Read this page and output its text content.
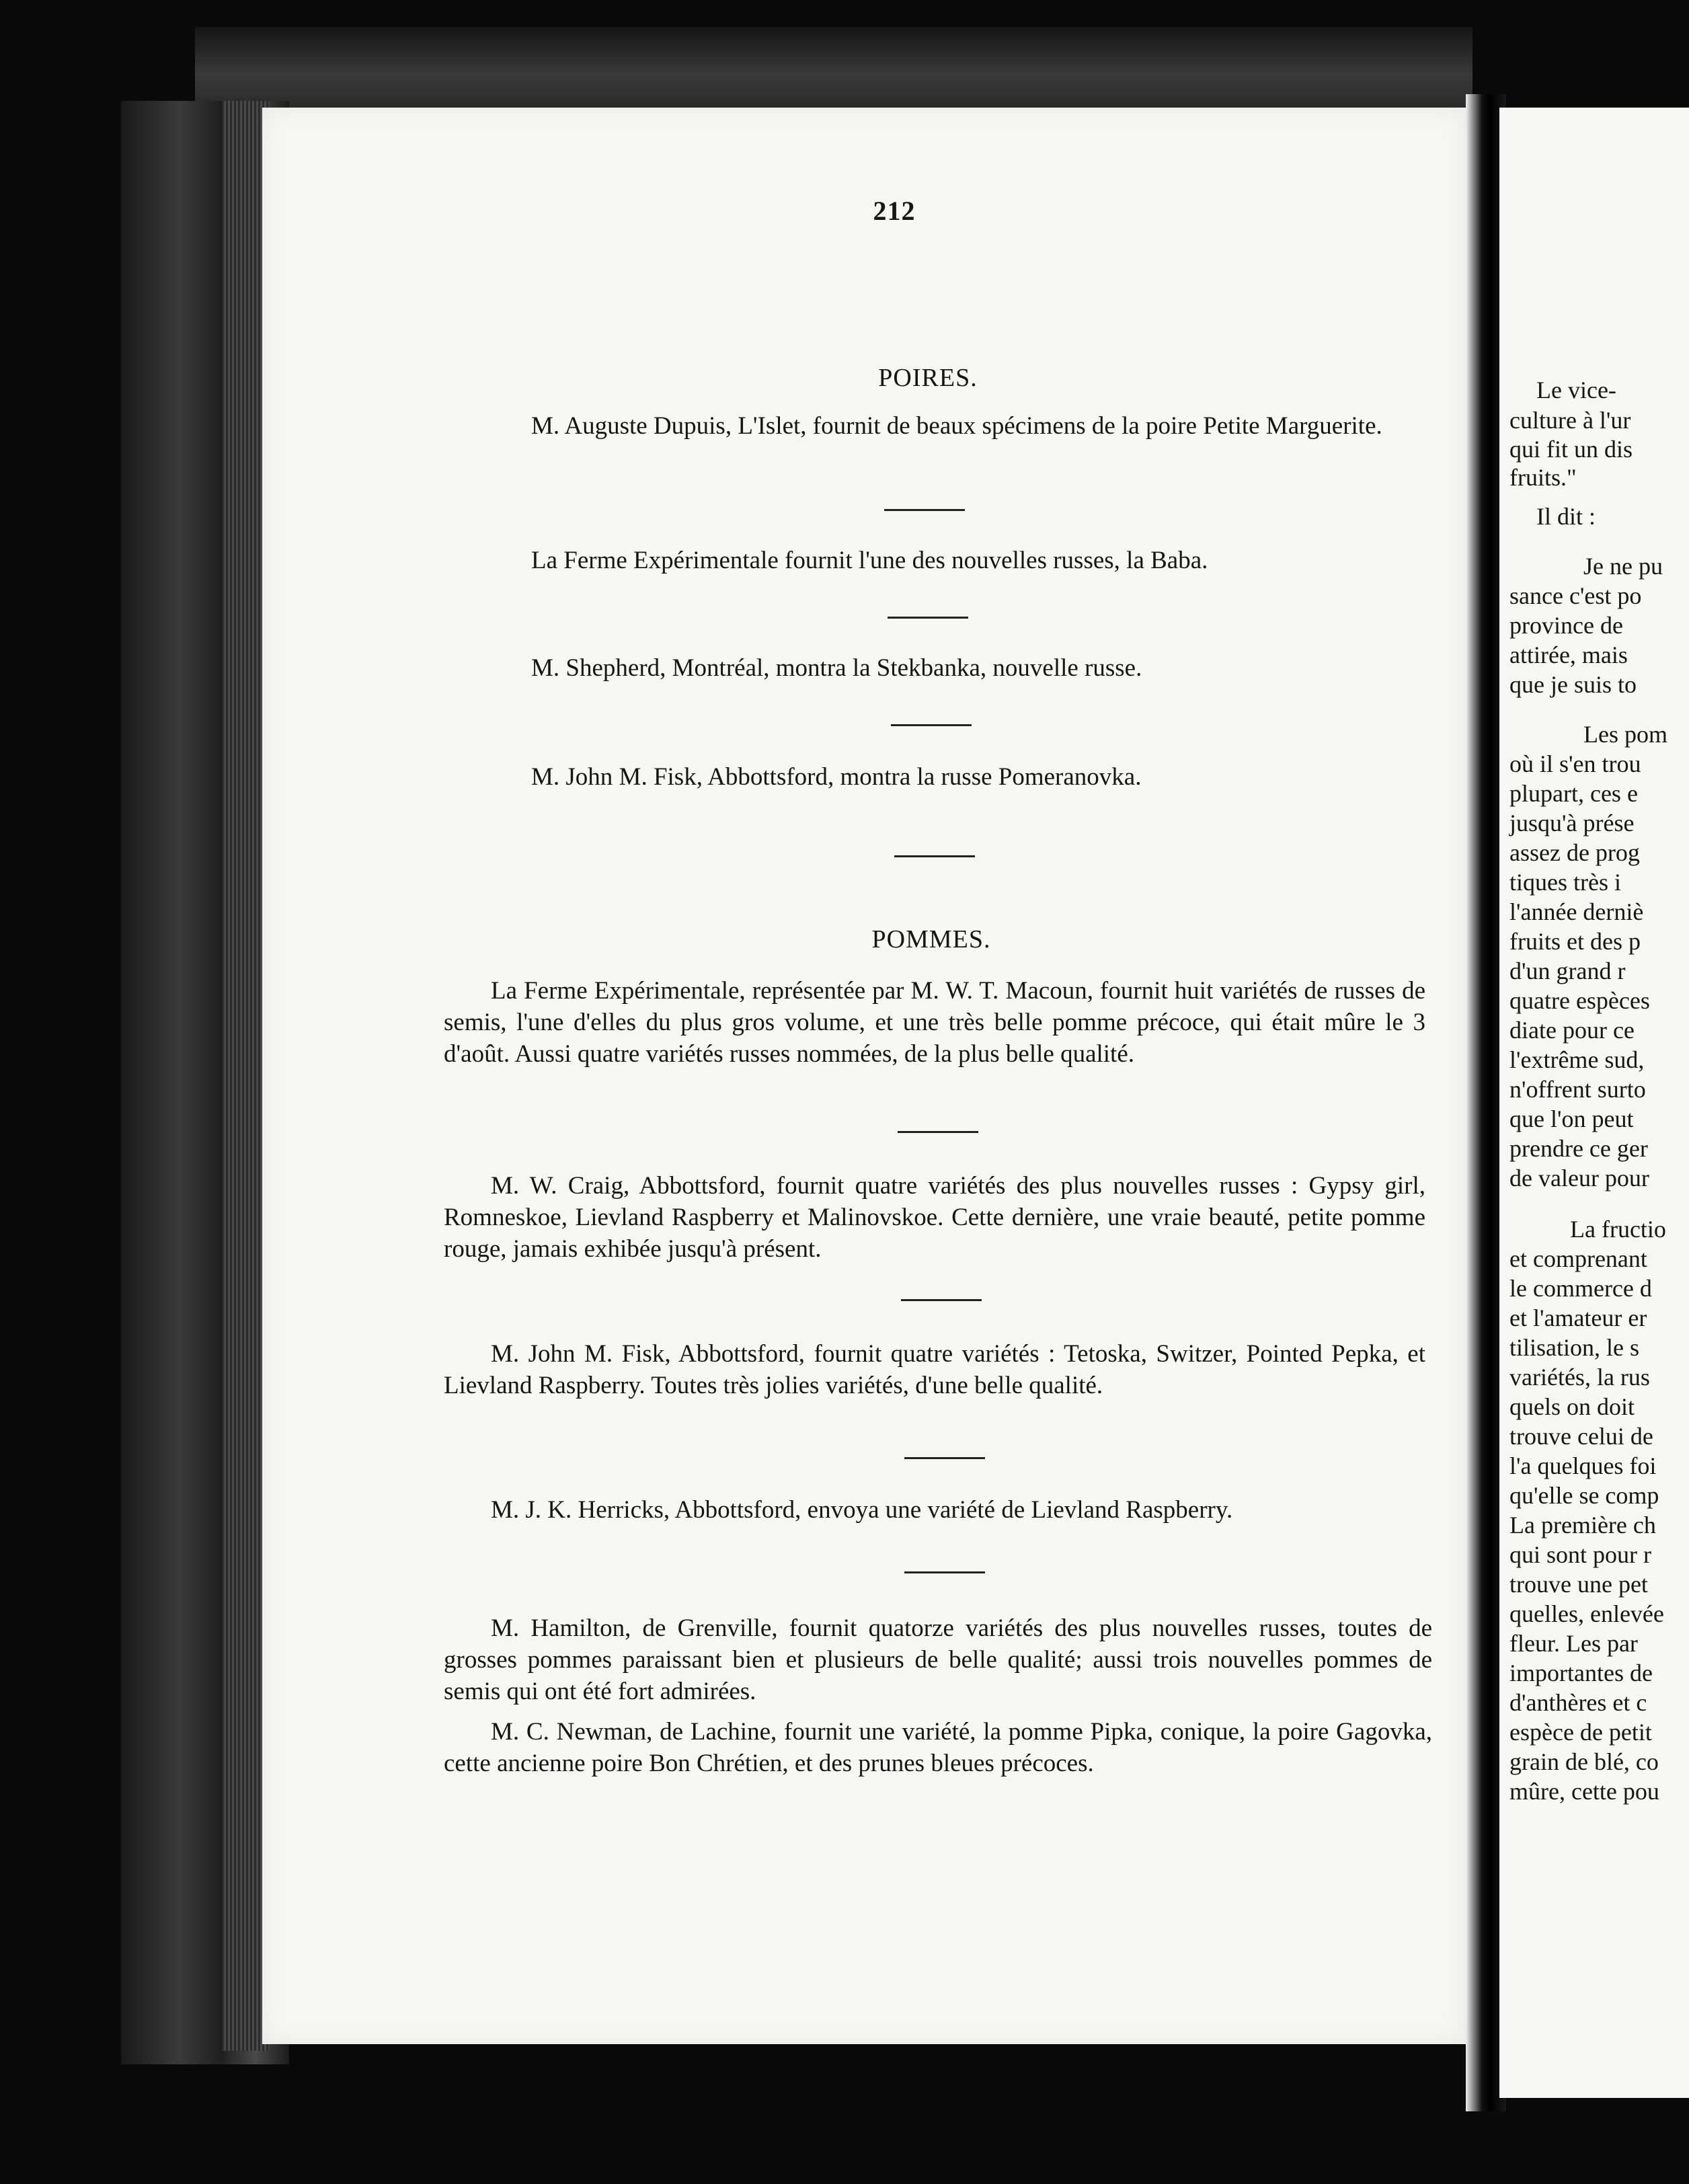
212
POIRES.

M. Auguste Dupuis, L'Islet, fournit de beaux spécimens de la poire Petite Marguerite.

La Ferme Expérimentale fournit l'une des nouvelles russes, la Baba.

M. Shepherd, Montréal, montra la Stekbanka, nouvelle russe.

M. John M. Fisk, Abbottsford, montra la russe Pomeranovka.

POMMES.

La Ferme Expérimentale, représentée par M. W. T. Macoun, fournit huit variétés de russes de semis, l'une d'elles du plus gros volume, et une très belle pomme précoce, qui était mûre le 3 d'août. Aussi quatre variétés russes nommées, de la plus belle qualité.

M. W. Craig, Abbottsford, fournit quatre variétés des plus nouvelles russes : Gypsy girl, Romneskoe, Lievland Raspberry et Malinovskoe. Cette dernière, une vraie beauté, petite pomme rouge, jamais exhibée jusqu'à présent.

M. John M. Fisk, Abbottsford, fournit quatre variétés : Tetoska, Switzer, Pointed Pepka, et Lievland Raspberry. Toutes très jolies variétés, d'une belle qualité.

M. J. K. Herricks, Abbottsford, envoya une variété de Lievland Raspberry.

M. Hamilton, de Grenville, fournit quatorze variétés des plus nouvelles russes, toutes de grosses pommes paraissant bien et plusieurs de belle qualité; aussi trois nouvelles pommes de semis qui ont été fort admirées.

M. C. Newman, de Lachine, fournit une variété, la pomme Pipka, conique, la poire Gagovka, cette ancienne poire Bon Chrétien, et des prunes bleues précoces.

Le vice-
culture à l'ur
qui fit un dis
fruits."
Il dit :
Je ne pu
sance c'est po
province de
attirée, mais
que je suis to
Les pom
où il s'en trou
plupart, ces e
jusqu'à prése
assez de prog
tiques très i
l'année derniè
fruits et des p
d'un grand r
quatre espèces
diate pour ce
l'extrême sud,
n'offrent surto
que l'on peut
prendre ce ger
de valeur pour
La fructio
et comprenant
le commerce d
et l'amateur er
tilisation, le s
variétés, la rus
quels on doit
trouve celui de
l'a quelques foi
qu'elle se comp
La première ch
qui sont pour r
trouve une pet
quelles, enlevée
fleur. Les par
importantes de
d'anthères et c
espèce de petit
grain de blé, co
mûre, cette pou
